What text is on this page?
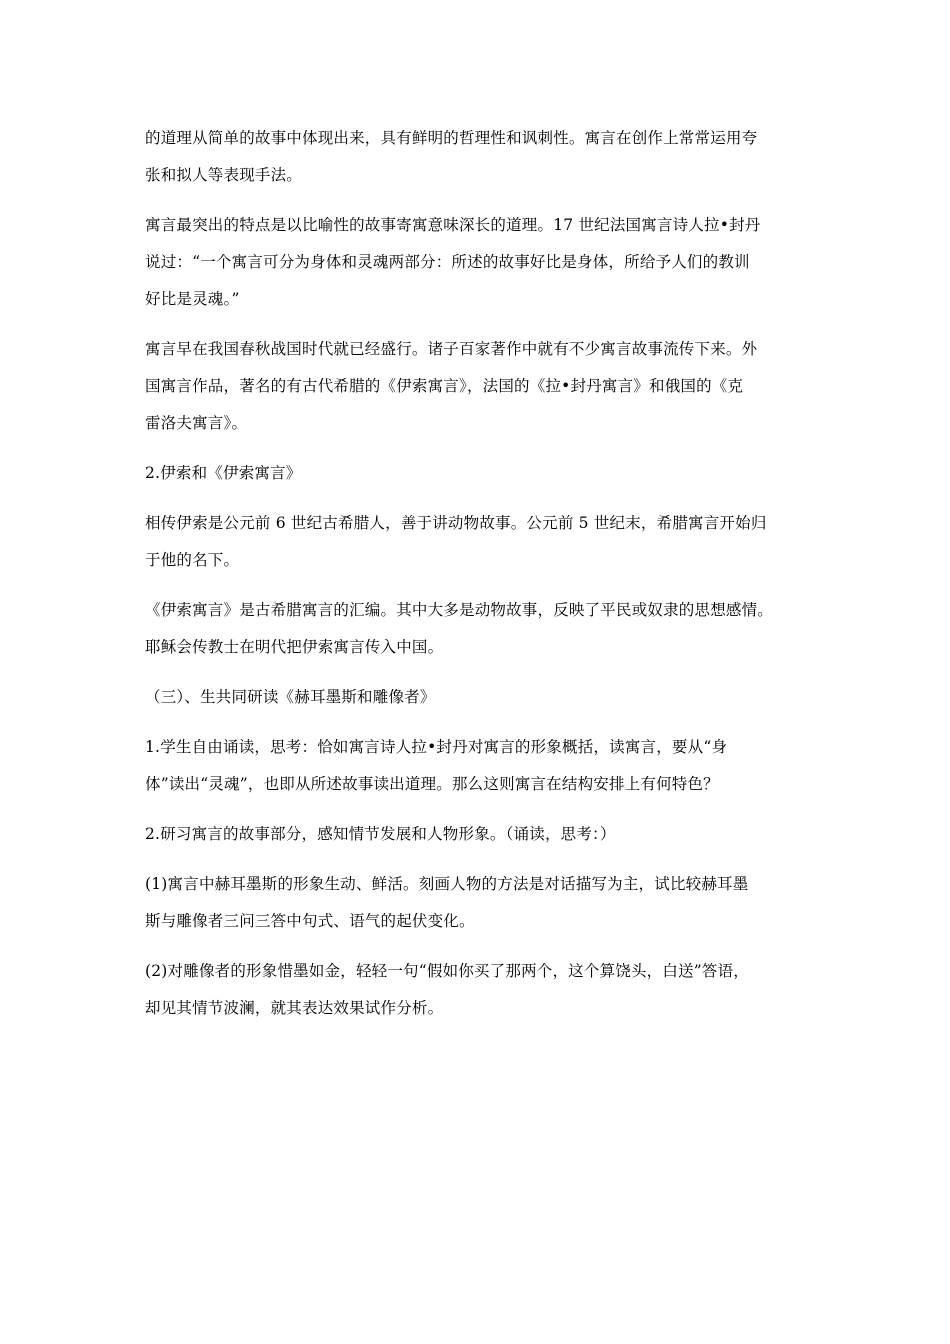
的道理从简单的故事中体现出来，具有鲜明的哲理性和讽刺性。寓言在创作上常常运用夸
张和拟人等表现手法。

寓言最突出的特点是以比喻性的故事寄寓意味深长的道理。17 世纪法国寓言诗人拉•封丹
说过：“一个寓言可分为身体和灵魂两部分：所述的故事好比是身体，所给予人们的教训
好比是灵魂。”

寓言早在我国春秋战国时代就已经盛行。诸子百家著作中就有不少寓言故事流传下来。外
国寓言作品，著名的有古代希腊的《伊索寓言》，法国的《拉•封丹寓言》和俄国的《克
雷洛夫寓言》。

2.伊索和《伊索寓言》

相传伊索是公元前 6 世纪古希腊人，善于讲动物故事。公元前 5 世纪末，希腊寓言开始归
于他的名下。

《伊索寓言》是古希腊寓言的汇编。其中大多是动物故事，反映了平民或奴隶的思想感情。
耶稣会传教士在明代把伊索寓言传入中国。

（三）、生共同研读《赫耳墨斯和雕像者》

1.学生自由诵读，思考：恰如寓言诗人拉•封丹对寓言的形象概括，读寓言，要从“身
体”读出“灵魂”，也即从所述故事读出道理。那么这则寓言在结构安排上有何特色？

2.研习寓言的故事部分，感知情节发展和人物形象。（诵读，思考：）

(1)寓言中赫耳墨斯的形象生动、鲜活。刻画人物的方法是对话描写为主，试比较赫耳墨
斯与雕像者三问三答中句式、语气的起伏变化。

(2)对雕像者的形象惜墨如金，轻轻一句“假如你买了那两个，这个算饶头，白送”答语，
却见其情节波澜，就其表达效果试作分析。
